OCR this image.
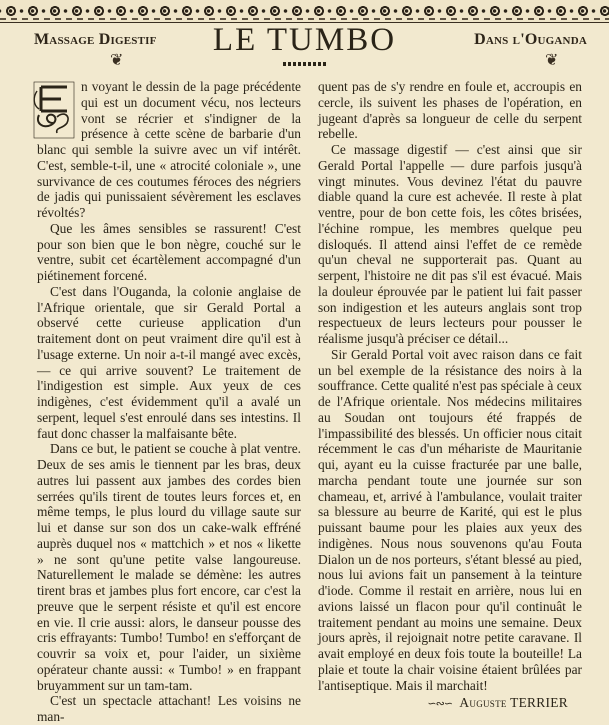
Massage Digestif	LE TUMBO	Dans l'Ouganda
❦	❦

n voyant le dessin de la page précédente qui est un document vécu, nos lecteurs vont se récrier et s'indigner de la présence à cette scène de barbarie d'un blanc qui semble la suivre avec un vif intérêt. C'est, semble-t-il, une « atrocité coloniale », une survivance de ces coutumes féroces des négriers de jadis qui punissaient sévèrement les esclaves révoltés?

Que les âmes sensibles se rassurent! C'est pour son bien que le bon nègre, couché sur le ventre, subit cet écartèlement accompagné d'un piétinement forcené.

C'est dans l'Ouganda, la colonie anglaise de l'Afrique orientale, que sir Gerald Portal a observé cette curieuse application d'un traitement dont on peut vraiment dire qu'il est à l'usage externe. Un noir a-t-il mangé avec excès, — ce qui arrive souvent? Le traitement de l'indigestion est simple. Aux yeux de ces indigènes, c'est évidemment qu'il a avalé un serpent, lequel s'est enroulé dans ses intestins. Il faut donc chasser la malfaisante bête.

Dans ce but, le patient se couche à plat ventre. Deux de ses amis le tiennent par les bras, deux autres lui passent aux jambes des cordes bien serrées qu'ils tirent de toutes leurs forces et, en même temps, le plus lourd du village saute sur lui et danse sur son dos un cake-walk effréné auprès duquel nos « mattchich » et nos « likette » ne sont qu'une petite valse langoureuse. Naturellement le malade se démène: les autres tirent bras et jambes plus fort encore, car c'est la preuve que le serpent résiste et qu'il est encore en vie. Il crie aussi: alors, le danseur pousse des cris effrayants: Tumbo! Tumbo! en s'efforçant de couvrir sa voix et, pour l'aider, un sixième opérateur chante aussi: « Tumbo! » en frappant bruyamment sur un tam-tam.

C'est un spectacle attachant! Les voisins ne man-

quent pas de s'y rendre en foule et, accroupis en cercle, ils suivent les phases de l'opération, en jugeant d'après sa longueur de celle du serpent rebelle.

Ce massage digestif — c'est ainsi que sir Gerald Portal l'appelle — dure parfois jusqu'à vingt minutes. Vous devinez l'état du pauvre diable quand la cure est achevée. Il reste à plat ventre, pour de bon cette fois, les côtes brisées, l'échine rompue, les membres quelque peu disloqués. Il attend ainsi l'effet de ce remède qu'un cheval ne supporterait pas. Quant au serpent, l'histoire ne dit pas s'il est évacué. Mais la douleur éprouvée par le patient lui fait passer son indigestion et les auteurs anglais sont trop respectueux de leurs lecteurs pour pousser le réalisme jusqu'à préciser ce détail...

Sir Gerald Portal voit avec raison dans ce fait un bel exemple de la résistance des noirs à la souffrance. Cette qualité n'est pas spéciale à ceux de l'Afrique orientale. Nos médecins militaires au Soudan ont toujours été frappés de l'impassibilité des blessés. Un officier nous citait récemment le cas d'un méhariste de Mauritanie qui, ayant eu la cuisse fracturée par une balle, marcha pendant toute une journée sur son chameau, et, arrivé à l'ambulance, voulait traiter sa blessure au beurre de Karité, qui est le plus puissant baume pour les plaies aux yeux des indigènes. Nous nous souvenons qu'au Fouta Dialon un de nos porteurs, s'étant blessé au pied, nous lui avions fait un pansement à la teinture d'iode. Comme il restait en arrière, nous lui en avions laissé un flacon pour qu'il continuât le traitement pendant au moins une semaine. Deux jours après, il rejoignait notre petite caravane. Il avait employé en deux fois toute la bouteille! La plaie et toute la chair voisine étaient brûlées par l'antiseptique. Mais il marchait!

∽∾∽ Auguste TERRIER
